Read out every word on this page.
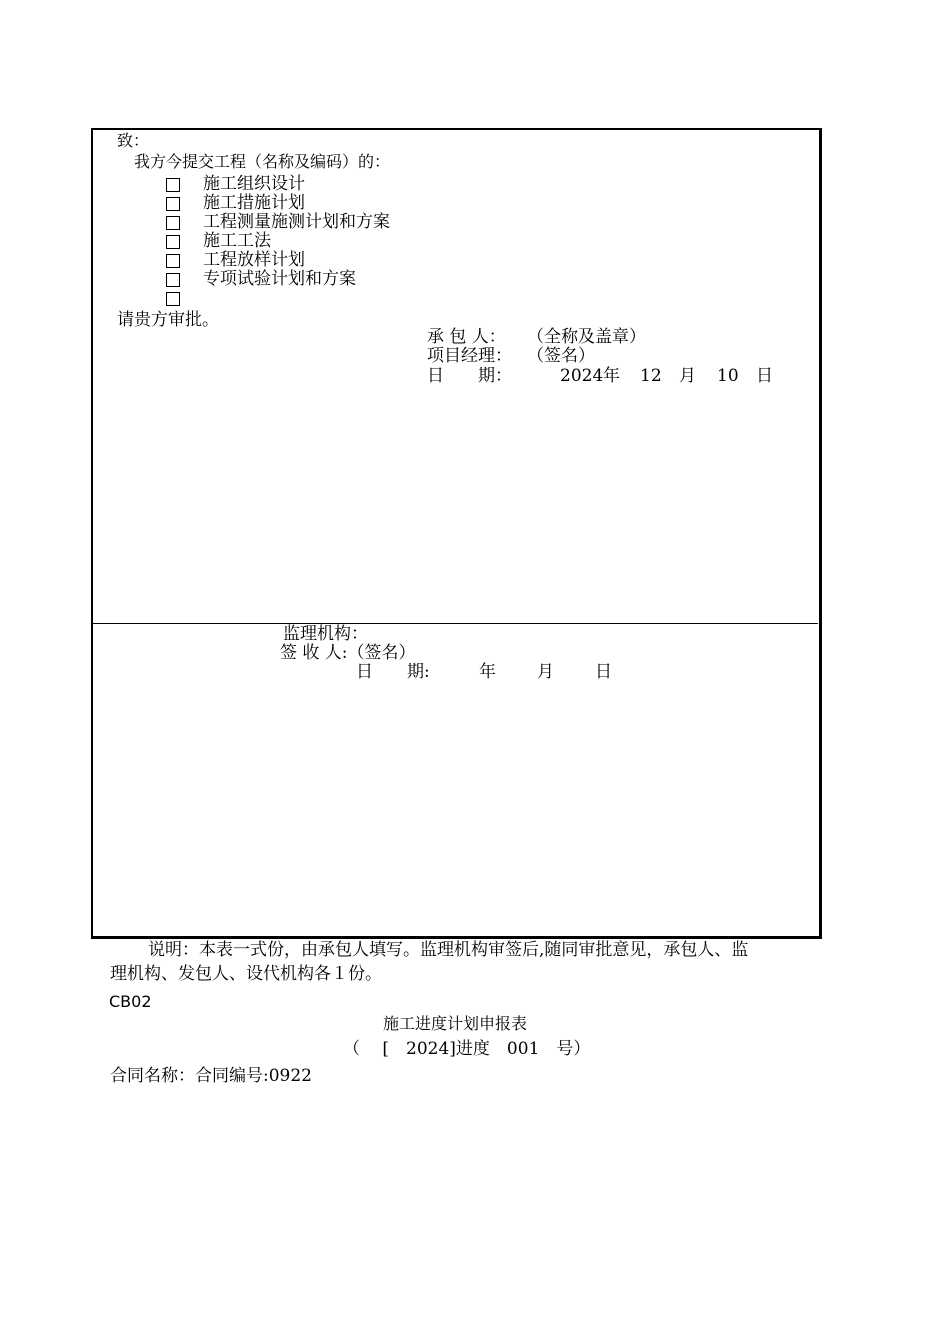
致：
我方今提交工程（名称及编码）的：
施工组织设计
施工措施计划
工程测量施测计划和方案
施工工法
工程放样计划
专项试验计划和方案
请贵方审批。
承 包 人： （全称及盖章）
项目经理： （签名）
日　　期：	2024 年 12 月 10 日
监理机构：
签 收 人:（签名）
日　　期:	年 月 日
说明：本表一式份，由承包人填写。监理机构审签后,随同审批意见，承包人、监
理机构、发包人、设代机构各１份。
CB02
施工进度计划申报表
（　 [　2024]进度　001　号）
合同名称：合同编号:0922
